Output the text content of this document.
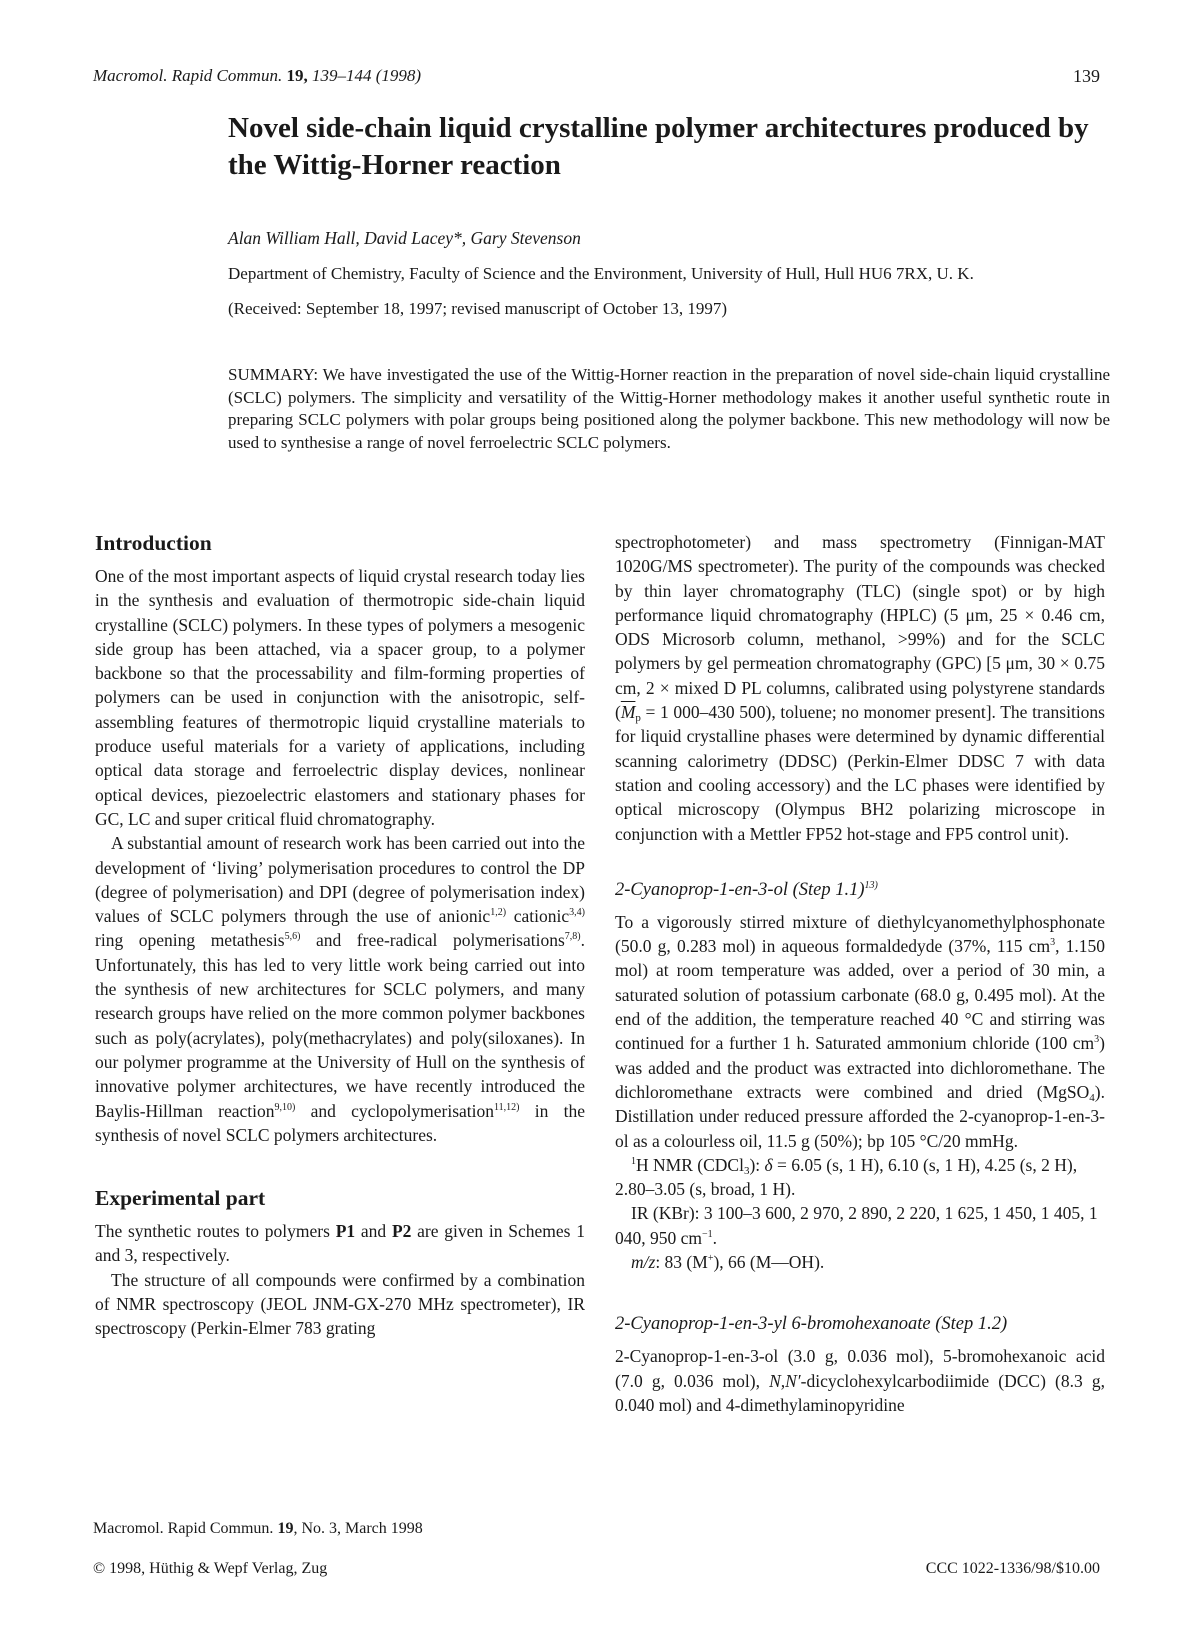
Macromol. Rapid Commun. 19, 139–144 (1998)	139
Novel side-chain liquid crystalline polymer architectures produced by the Wittig-Horner reaction
Alan William Hall, David Lacey*, Gary Stevenson
Department of Chemistry, Faculty of Science and the Environment, University of Hull, Hull HU6 7RX, U. K.
(Received: September 18, 1997; revised manuscript of October 13, 1997)
SUMMARY: We have investigated the use of the Wittig-Horner reaction in the preparation of novel side-chain liquid crystalline (SCLC) polymers. The simplicity and versatility of the Wittig-Horner methodology makes it another useful synthetic route in preparing SCLC polymers with polar groups being positioned along the polymer backbone. This new methodology will now be used to synthesise a range of novel ferroelectric SCLC polymers.
Introduction

One of the most important aspects of liquid crystal research today lies in the synthesis and evaluation of thermotropic side-chain liquid crystalline (SCLC) polymers. In these types of polymers a mesogenic side group has been attached, via a spacer group, to a polymer backbone so that the processability and film-forming properties of polymers can be used in conjunction with the anisotropic, self-assembling features of thermotropic liquid crystalline materials to produce useful materials for a variety of applications, including optical data storage and ferroelectric display devices, nonlinear optical devices, piezoelectric elastomers and stationary phases for GC, LC and super critical fluid chromatography.

A substantial amount of research work has been carried out into the development of ‘living’ polymerisation procedures to control the DP (degree of polymerisation) and DPI (degree of polymerisation index) values of SCLC polymers through the use of anionic$^{1,2)}$ cationic$^{3,4)}$ ring opening metathesis$^{5,6)}$ and free-radical polymerisations$^{7,8)}$. Unfortunately, this has led to very little work being carried out into the synthesis of new architectures for SCLC polymers, and many research groups have relied on the more common polymer backbones such as poly(acrylates), poly(methacrylates) and poly(siloxanes). In our polymer programme at the University of Hull on the synthesis of innovative polymer architectures, we have recently introduced the Baylis-Hillman reaction$^{9,10)}$ and cyclopolymerisation$^{11,12)}$ in the synthesis of novel SCLC polymers architectures.

Experimental part

The synthetic routes to polymers P1 and P2 are given in Schemes 1 and 3, respectively.

The structure of all compounds were confirmed by a combination of NMR spectroscopy (JEOL JNM-GX-270 MHz spectrometer), IR spectroscopy (Perkin-Elmer 783 grating

spectrophotometer) and mass spectrometry (Finnigan-MAT 1020G/MS spectrometer). The purity of the compounds was checked by thin layer chromatography (TLC) (single spot) or by high performance liquid chromatography (HPLC) (5 μm, 25 × 0.46 cm, ODS Microsorb column, methanol, >99%) and for the SCLC polymers by gel permeation chromatography (GPC) [5 μm, 30 × 0.75 cm, 2 × mixed D PL columns, calibrated using polystyrene standards ($\overline{M}_p = 1$ 000–430 500), toluene; no monomer present]. The transitions for liquid crystalline phases were determined by dynamic differential scanning calorimetry (DDSC) (Perkin-Elmer DDSC 7 with data station and cooling accessory) and the LC phases were identified by optical microscopy (Olympus BH2 polarizing microscope in conjunction with a Mettler FP52 hot-stage and FP5 control unit).

2-Cyanoprop-1-en-3-ol (Step 1.1)$^{13)}$

To a vigorously stirred mixture of diethylcyanomethylphosphonate (50.0 g, 0.283 mol) in aqueous formaldedyde (37%, 115 $cm^3$, 1.150 mol) at room temperature was added, over a period of 30 min, a saturated solution of potassium carbonate (68.0 g, 0.495 mol). At the end of the addition, the temperature reached 40 °C and stirring was continued for a further 1 h. Saturated ammonium chloride (100 $cm^3$) was added and the product was extracted into dichloromethane. The dichloromethane extracts were combined and dried (MgSO$_4$). Distillation under reduced pressure afforded the 2-cyanoprop-1-en-3-ol as a colourless oil, 11.5 g (50%); bp 105 °C/20 mmHg.

$^1$H NMR (CDCl$_3$): δ = 6.05 (s, 1 H), 6.10 (s, 1 H), 4.25 (s, 2 H), 2.80–3.05 (s, broad, 1 H).

IR (KBr): 3 100–3 600, 2 970, 2 890, 2 220, 1 625, 1 450, 1 405, 1 040, 950 $cm^{-1}$.

m/z: 83 (M+), 66 (M—OH).

2-Cyanoprop-1-en-3-yl 6-bromohexanoate (Step 1.2)

2-Cyanoprop-1-en-3-ol (3.0 g, 0.036 mol), 5-bromohexanoic acid (7.0 g, 0.036 mol), N,N′-dicyclohexylcarbodiimide (DCC) (8.3 g, 0.040 mol) and 4-dimethylaminopyridine

Macromol. Rapid Commun. 19, No. 3, March 1998
© 1998, Hüthig & Wepf Verlag, Zug	CCC 1022-1336/98/$10.00
